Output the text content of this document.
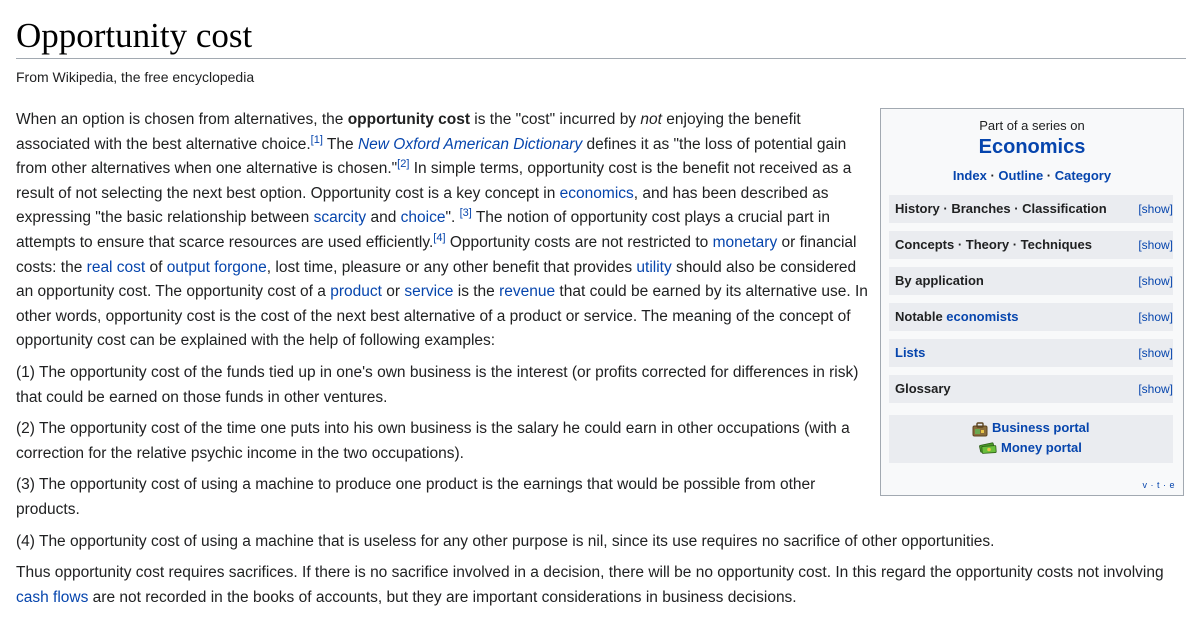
Opportunity cost
From Wikipedia, the free encyclopedia

When an option is chosen from alternatives, the opportunity cost is the "cost" incurred by not enjoying the benefit associated with the best alternative choice.[1] The New Oxford American Dictionary defines it as "the loss of potential gain from other alternatives when one alternative is chosen."[2] In simple terms, opportunity cost is the benefit not received as a result of not selecting the next best option. Opportunity cost is a key concept in economics, and has been described as expressing "the basic relationship between scarcity and choice". [3] The notion of opportunity cost plays a crucial part in attempts to ensure that scarce resources are used efficiently.[4] Opportunity costs are not restricted to monetary or financial costs: the real cost of output forgone, lost time, pleasure or any other benefit that provides utility should also be considered an opportunity cost. The opportunity cost of a product or service is the revenue that could be earned by its alternative use. In other words, opportunity cost is the cost of the next best alternative of a product or service. The meaning of the concept of opportunity cost can be explained with the help of following examples:

(1) The opportunity cost of the funds tied up in one's own business is the interest (or profits corrected for differences in risk) that could be earned on those funds in other ventures.

(2) The opportunity cost of the time one puts into his own business is the salary he could earn in other occupations (with a correction for the relative psychic income in the two occupations).

(3) The opportunity cost of using a machine to produce one product is the earnings that would be possible from other products.

(4) The opportunity cost of using a machine that is useless for any other purpose is nil, since its use requires no sacrifice of other opportunities.

Thus opportunity cost requires sacrifices. If there is no sacrifice involved in a decision, there will be no opportunity cost. In this regard the opportunity costs not involving cash flows are not recorded in the books of accounts, but they are important considerations in business decisions.

Part of a series on
Economics
Index · Outline · Category
History · Branches · Classification	[show]
Concepts · Theory · Techniques	[show]
By application	[show]
Notable economists	[show]
Lists	[show]
Glossary	[show]
Business portal
Money portal
v · t · e
